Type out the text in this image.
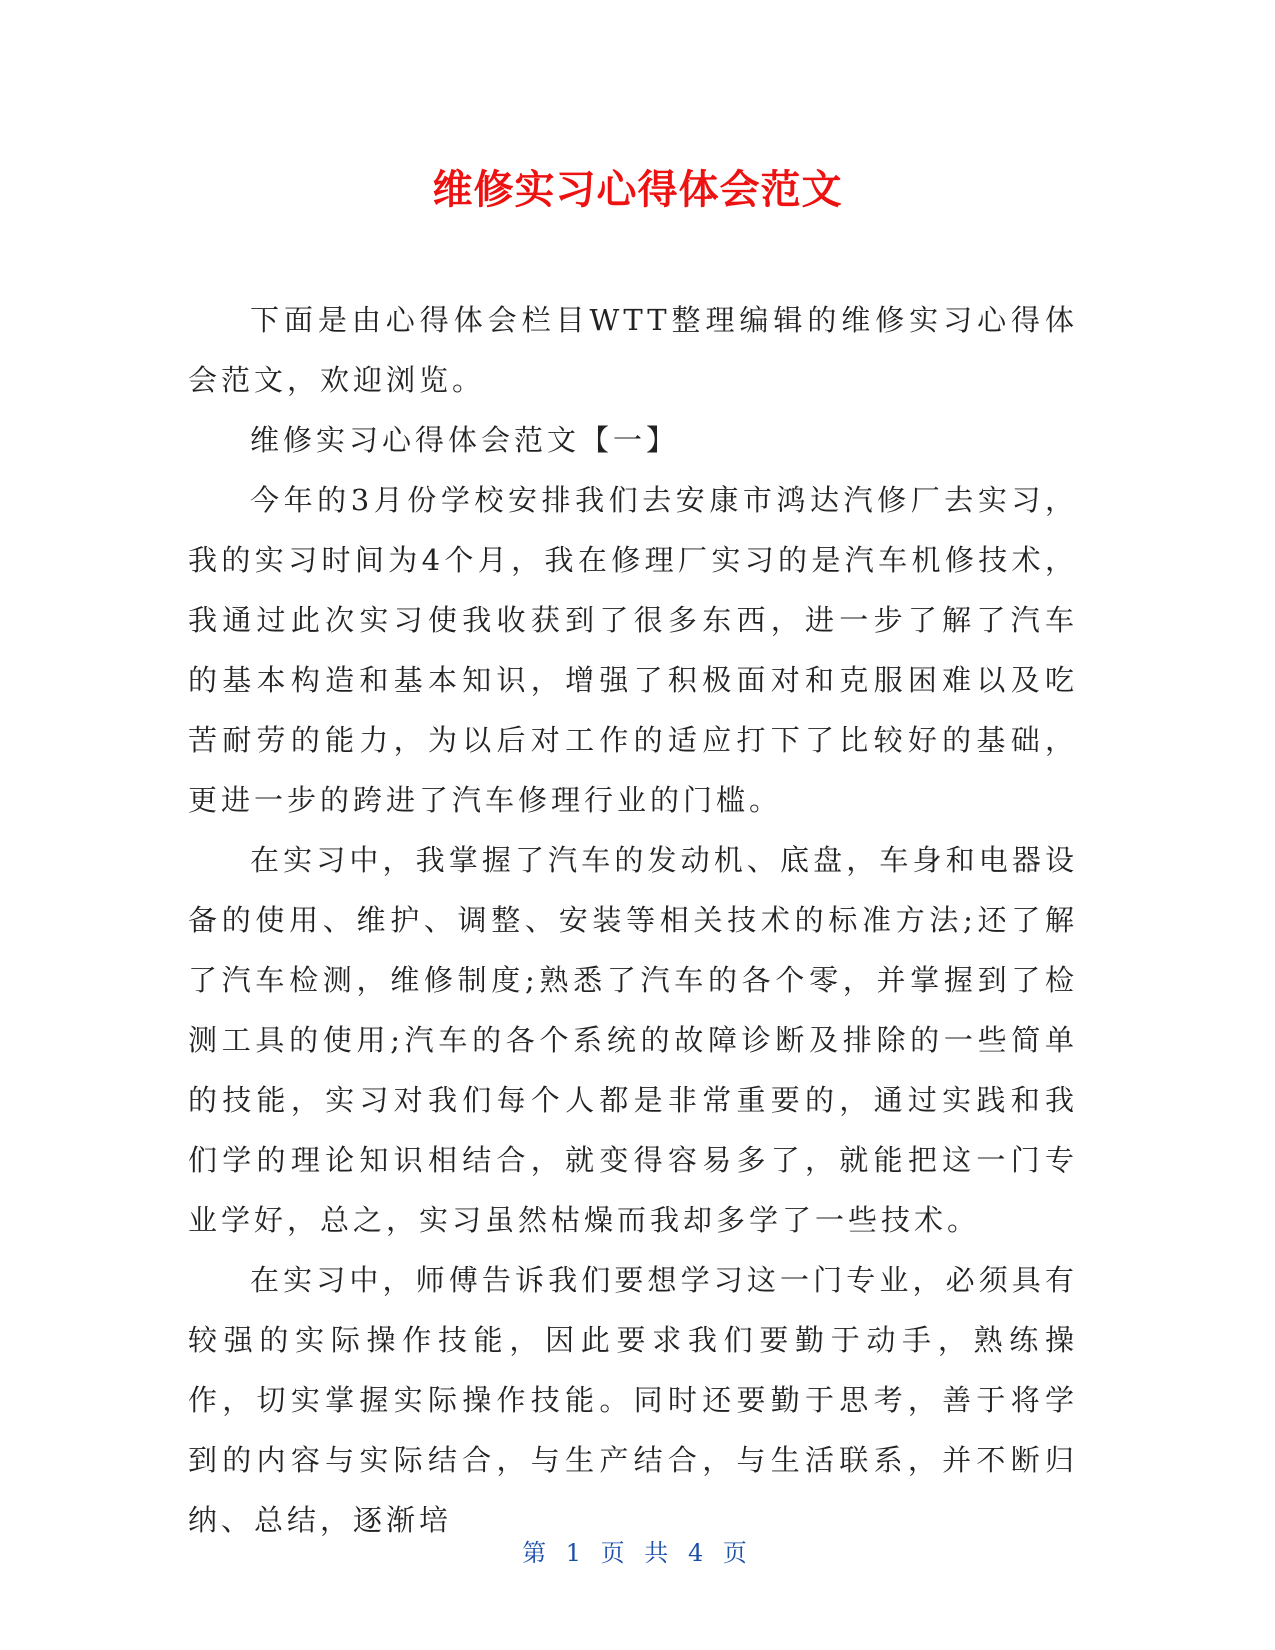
维修实习心得体会范文

下面是由心得体会栏目WTT整理编辑的维修实习心得体会范文，欢迎浏览。

维修实习心得体会范文【一】

今年的3月份学校安排我们去安康市鸿达汽修厂去实习，我的实习时间为4个月，我在修理厂实习的是汽车机修技术，我通过此次实习使我收获到了很多东西，进一步了解了汽车的基本构造和基本知识，增强了积极面对和克服困难以及吃苦耐劳的能力，为以后对工作的适应打下了比较好的基础，更进一步的跨进了汽车修理行业的门槛。

在实习中，我掌握了汽车的发动机、底盘，车身和电器设备的使用、维护、调整、安装等相关技术的标准方法;还了解了汽车检测，维修制度;熟悉了汽车的各个零，并掌握到了检测工具的使用;汽车的各个系统的故障诊断及排除的一些简单的技能，实习对我们每个人都是非常重要的，通过实践和我们学的理论知识相结合，就变得容易多了，就能把这一门专业学好，总之，实习虽然枯燥而我却多学了一些技术。

在实习中，师傅告诉我们要想学习这一门专业，必须具有较强的实际操作技能，因此要求我们要勤于动手，熟练操作，切实掌握实际操作技能。同时还要勤于思考，善于将学到的内容与实际结合，与生产结合，与生活联系，并不断归纳、总结，逐渐培

第 1 页 共 4 页
